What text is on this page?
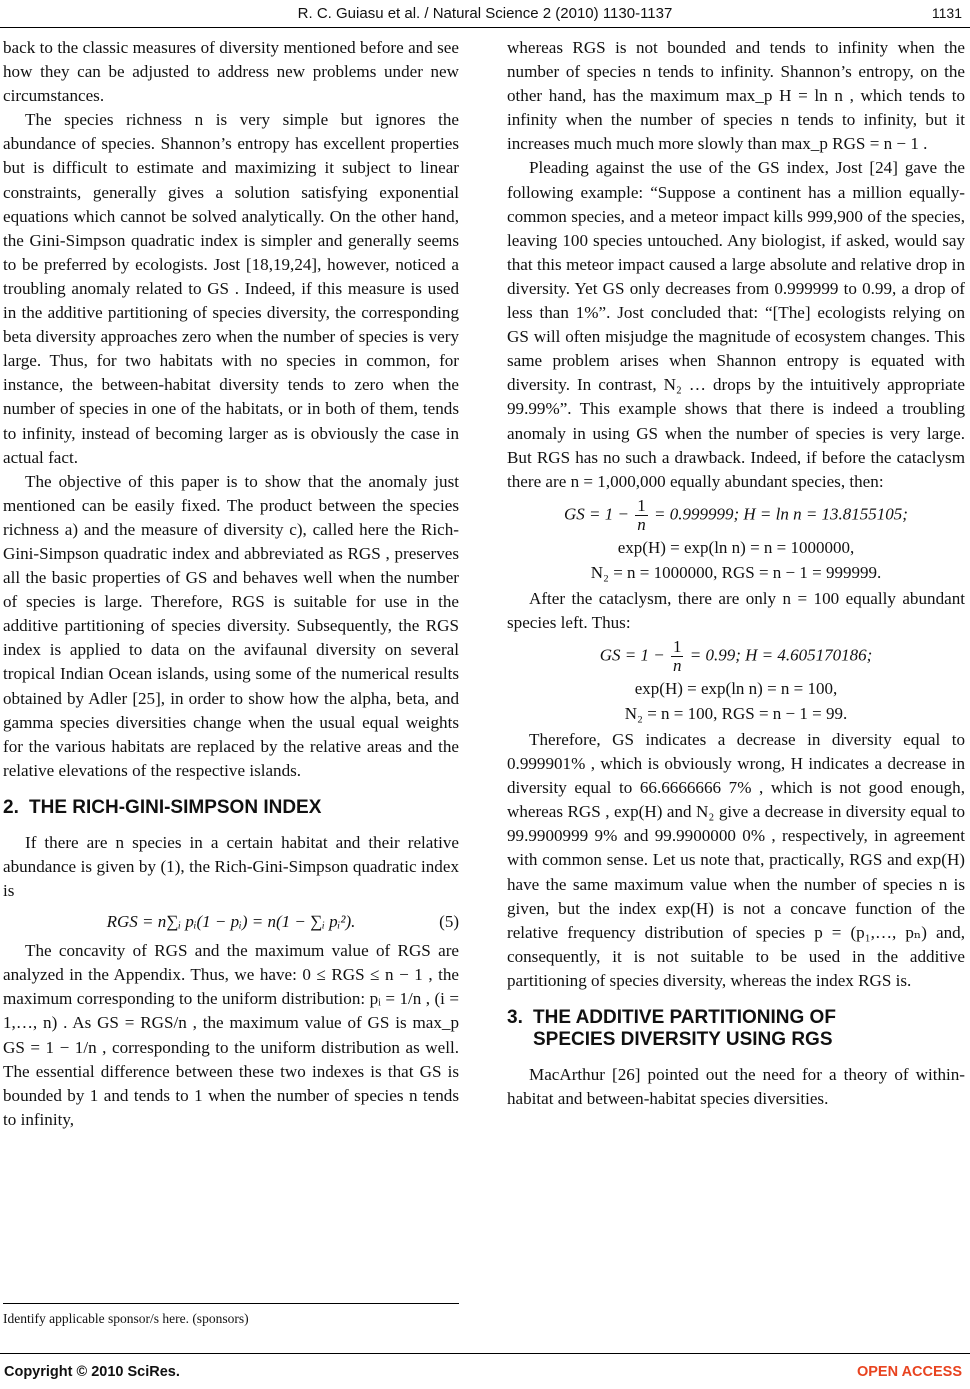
R. C. Guiasu et al. / Natural Science 2 (2010) 1130-1137	1131

back to the classic measures of diversity mentioned before and see how they can be adjusted to address new problems under new circumstances.

The species richness n is very simple but ignores the abundance of species. Shannon’s entropy has excellent properties but is difficult to estimate and maximizing it subject to linear constraints, generally gives a solution satisfying exponential equations which cannot be solved analytically. On the other hand, the Gini-Simpson quadratic index is simpler and generally seems to be preferred by ecologists. Jost [18,19,24], however, noticed a troubling anomaly related to GS . Indeed, if this measure is used in the additive partitioning of species diversity, the corresponding beta diversity approaches zero when the number of species is very large. Thus, for two habitats with no species in common, for instance, the between-habitat diversity tends to zero when the number of species in one of the habitats, or in both of them, tends to infinity, instead of becoming larger as is obviously the case in actual fact.

The objective of this paper is to show that the anomaly just mentioned can be easily fixed. The product between the species richness a) and the measure of diversity c), called here the Rich-Gini-Simpson quadratic index and abbreviated as RGS , preserves all the basic properties of GS and behaves well when the number of species is large. Therefore, RGS is suitable for use in the additive partitioning of species diversity. Subsequently, the RGS index is applied to data on the avifaunal diversity on several tropical Indian Ocean islands, using some of the numerical results obtained by Adler [25], in order to show how the alpha, beta, and gamma species diversities change when the usual equal weights for the various habitats are replaced by the relative areas and the relative elevations of the respective islands.

2. THE RICH-GINI-SIMPSON INDEX

If there are n species in a certain habitat and their relative abundance is given by (1), the Rich-Gini-Simpson quadratic index is

RGS = n∑ᵢ pᵢ(1 − pᵢ) = n(1 − ∑ᵢ pᵢ²).	(5)

The concavity of RGS and the maximum value of RGS are analyzed in the Appendix. Thus, we have: 0 ≤ RGS ≤ n − 1 , the maximum corresponding to the uniform distribution: pᵢ = 1/n , (i = 1,…, n) . As GS = RGS/n , the maximum value of GS is max_p GS = 1 − 1/n , corresponding to the uniform distribution as well. The essential difference between these two indexes is that GS is bounded by 1 and tends to 1 when the number of species n tends to infinity,

whereas RGS is not bounded and tends to infinity when the number of species n tends to infinity. Shannon’s entropy, on the other hand, has the maximum max_p H = ln n , which tends to infinity when the number of species n tends to infinity, but it increases much much more slowly than max_p RGS = n − 1 .

Pleading against the use of the GS index, Jost [24] gave the following example: “Suppose a continent has a million equally-common species, and a meteor impact kills 999,900 of the species, leaving 100 species untouched. Any biologist, if asked, would say that this meteor impact caused a large absolute and relative drop in diversity. Yet GS only decreases from 0.999999 to 0.99, a drop of less than 1%”. Jost concluded that: “[The] ecologists relying on GS will often misjudge the magnitude of ecosystem changes. This same problem arises when Shannon entropy is equated with diversity. In contrast, N₂ … drops by the intuitively appropriate 99.99%”. This example shows that there is indeed a troubling anomaly in using GS when the number of species is very large. But RGS has no such a drawback. Indeed, if before the cataclysm there are n = 1,000,000 equally abundant species, then:

GS = $1 - \frac{1}{n} = 0.999999$; H = ln n = 13.8155105;
exp(H) = exp(ln n) = n = 1000000,
N₂ = n = 1000000, RGS = n − 1 = 999999.

After the cataclysm, there are only n = 100 equally abundant species left. Thus:

GS = $1 - \frac{1}{n} = 0.99$; H = 4.605170186;
exp(H) = exp(ln n) = n = 100,
N₂ = n = 100, RGS = n − 1 = 99.

Therefore, GS indicates a decrease in diversity equal to 0.999901% , which is obviously wrong, H indicates a decrease in diversity equal to 66.6666666 7% , which is not good enough, whereas RGS , exp(H) and N₂ give a decrease in diversity equal to 99.9900999 9% and 99.9900000 0% , respectively, in agreement with common sense. Let us note that, practically, RGS and exp(H) have the same maximum value when the number of species n is given, but the index exp(H) is not a concave function of the relative frequency distribution of species p = (p₁,…, pₙ) and, consequently, it is not suitable to be used in the additive partitioning of species diversity, whereas the index RGS is.

3. THE ADDITIVE PARTITIONING OF
SPECIES DIVERSITY USING RGS

MacArthur [26] pointed out the need for a theory of within-habitat and between-habitat species diversities.

Identify applicable sponsor/s here. (sponsors)
Copyright © 2010 SciRes.	OPEN ACCESS
